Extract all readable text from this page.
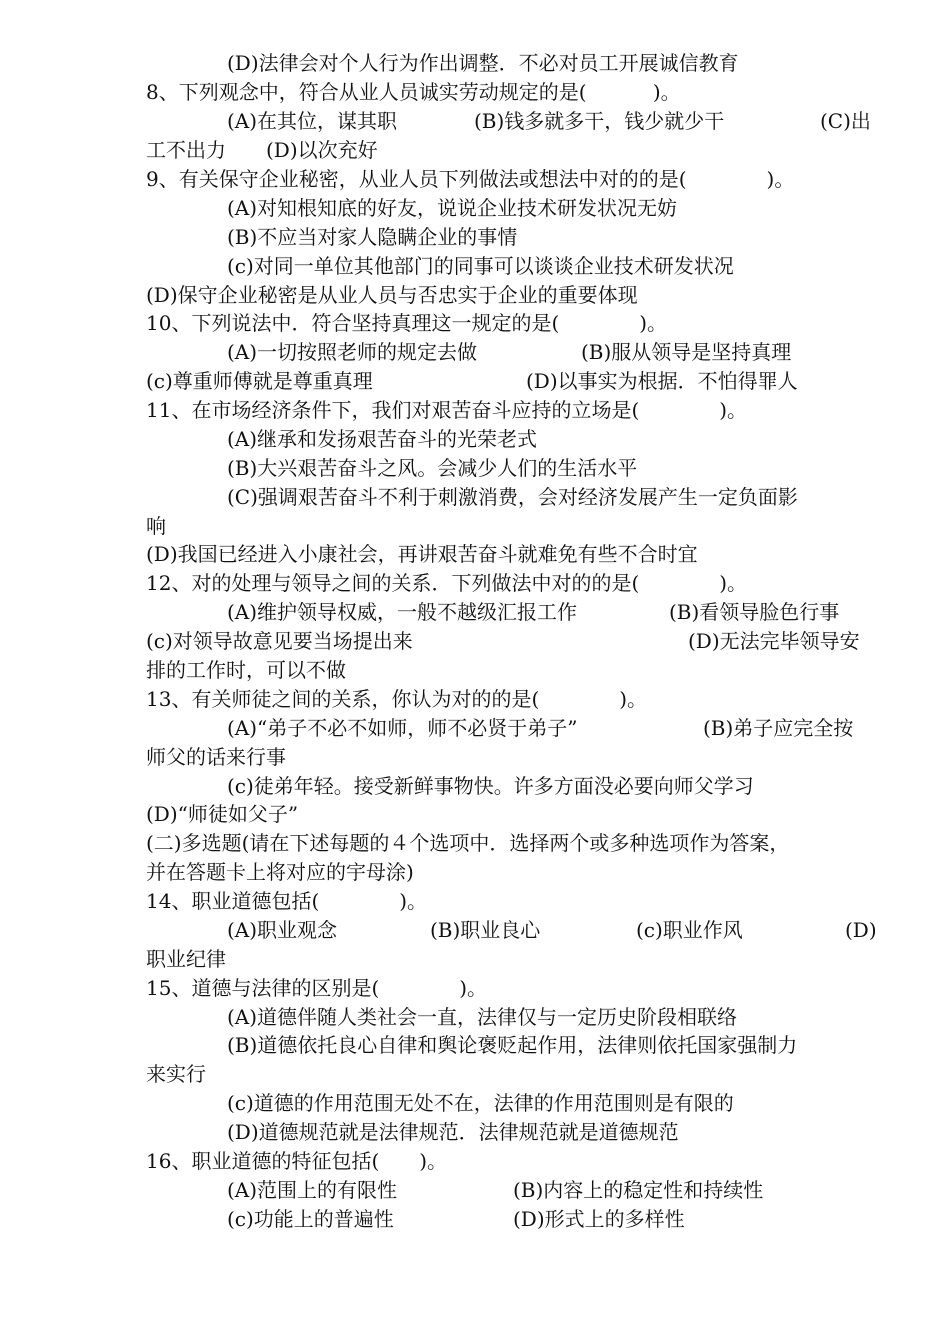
(D)法律会对个人行为作出调整．不必对员工开展诚信教育
8、下列观念中，符合从业人员诚实劳动规定的是(　　　 )。
(A)在其位，谋其职	(B)钱多就多干，钱少就少干	(C)出
工不出力　　(D)以次充好
9、有关保守企业秘密，从业人员下列做法或想法中对的的是(　　　　)。
(A)对知根知底的好友，说说企业技术研发状况无妨
(B)不应当对家人隐瞒企业的事情
(c)对同一单位其他部门的同事可以谈谈企业技术研发状况
(D)保守企业秘密是从业人员与否忠实于企业的重要体现
10、下列说法中．符合坚持真理这一规定的是(　　　　)。
(A)一切按照老师的规定去做	(B)服从领导是坚持真理
(c)尊重师傅就是尊重真理	(D)以事实为根据．不怕得罪人
11、在市场经济条件下，我们对艰苦奋斗应持的立场是(　　　　)。
(A)继承和发扬艰苦奋斗的光荣老式
(B)大兴艰苦奋斗之风。会减少人们的生活水平
(C)强调艰苦奋斗不利于刺激消费，会对经济发展产生一定负面影
响
(D)我国已经进入小康社会，再讲艰苦奋斗就难免有些不合时宜
12、对的处理与领导之间的关系．下列做法中对的的是(　　　　)。
(A)维护领导权威，一般不越级汇报工作	(B)看领导脸色行事
(c)对领导故意见要当场提出来	(D)无法完毕领导安
排的工作时，可以不做
13、有关师徒之间的关系，你认为对的的是(　　　　)。
(A)“弟子不必不如师，师不必贤于弟子”	(B)弟子应完全按
师父的话来行事
(c)徒弟年轻。接受新鲜事物快。许多方面没必要向师父学习
(D)“师徒如父子”
(二)多选题(请在下述每题的４个选项中．选择两个或多种选项作为答案，
并在答题卡上将对应的宇母涂)
14、职业道德包括(　　　　)。
(A)职业观念	(B)职业良心	(c)职业作风	(D)
职业纪律
15、道德与法律的区别是(　　　　)。
(A)道德伴随人类社会一直，法律仅与一定历史阶段相联络
(B)道德依托良心自律和舆论褒贬起作用，法律则依托国家强制力
来实行
(c)道德的作用范围无处不在，法律的作用范围则是有限的
(D)道德规范就是法律规范．法律规范就是道德规范
16、职业道德的特征包括(　　)。
(A)范围上的有限性	(B)内容上的稳定性和持续性
(c)功能上的普遍性	(D)形式上的多样性
